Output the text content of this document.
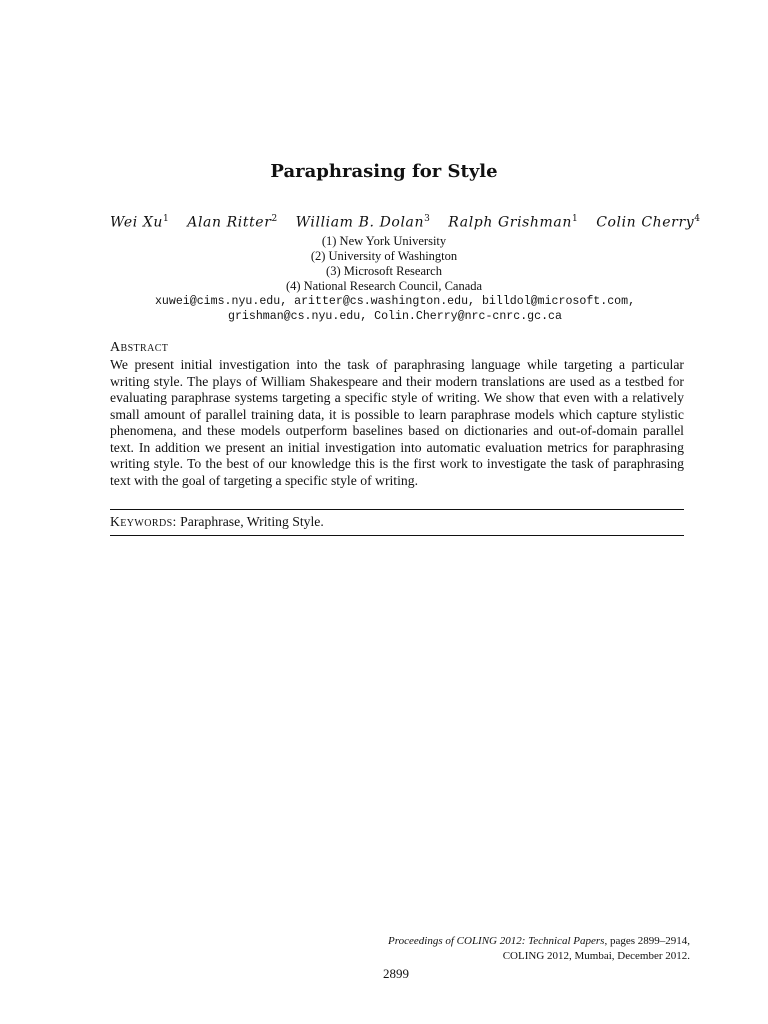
Paraphrasing for Style
Wei Xu$^1$ Alan Ritter$^2$ William B. Dolan$^3$ Ralph Grishman$^1$ Colin Cherry$^4$
(1) New York University
(2) University of Washington
(3) Microsoft Research
(4) National Research Council, Canada
xuwei@cims.nyu.edu, aritter@cs.washington.edu, billdol@microsoft.com,
grishman@cs.nyu.edu, Colin.Cherry@nrc-cnrc.gc.ca
Abstract
We present initial investigation into the task of paraphrasing language while targeting a particular writing style. The plays of William Shakespeare and their modern translations are used as a testbed for evaluating paraphrase systems targeting a specific style of writing. We show that even with a relatively small amount of parallel training data, it is possible to learn paraphrase models which capture stylistic phenomena, and these models outperform baselines based on dictionaries and out-of-domain parallel text. In addition we present an initial investigation into automatic evaluation metrics for paraphrasing writing style. To the best of our knowledge this is the first work to investigate the task of paraphrasing text with the goal of targeting a specific style of writing.
Keywords: Paraphrase, Writing Style.
Proceedings of COLING 2012: Technical Papers, pages 2899–2914,
COLING 2012, Mumbai, December 2012.
2899
